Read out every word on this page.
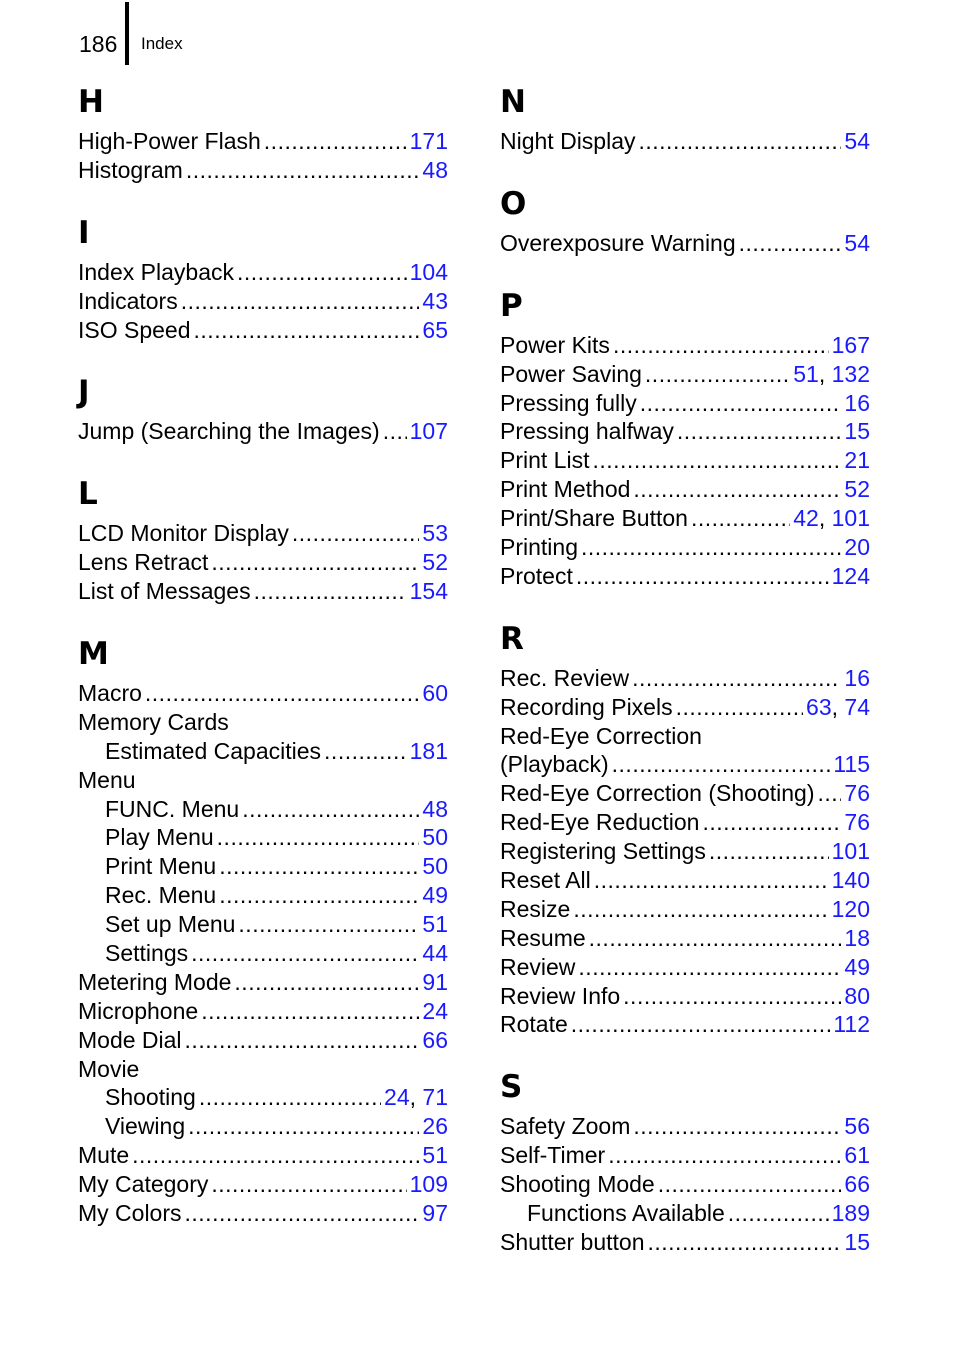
186 Index
H
High-Power Flash .....	171
Histogram .....	48
I
Index Playback .....	104
Indicators .....	43
ISO Speed .....	65
J
Jump (Searching the Images) ..... 107
L
LCD Monitor Display .....	53
Lens Retract .....	52
List of Messages .....	154
M
Macro .....	60
Memory Cards
Estimated Capacities .....	181
Menu
FUNC. Menu .....	48
Play Menu .....	50
Print Menu .....	50
Rec. Menu .....	49
Set up Menu .....	51
Settings .....	44
Metering Mode .....	91
Microphone .....	24
Mode Dial .....	66
Movie
Shooting .....	24, 71
Viewing .....	26
Mute .....	51
My Category .....	109
My Colors .....	97
N
Night Display .....	54
O
Overexposure Warning .....	54
P
Power Kits .....	167
Power Saving .....	51, 132
Pressing fully .....	16
Pressing halfway .....	15
Print List .....	21
Print Method .....	52
Print/Share Button .....	42, 101
Printing .....	20
Protect .....	124
R
Rec. Review .....	16
Recording Pixels .....	63, 74
Red-Eye Correction
(Playback) .....	115
Red-Eye Correction (Shooting) ..... 76
Red-Eye Reduction .....	76
Registering Settings .....	101
Reset All .....	140
Resize .....	120
Resume .....	18
Review .....	49
Review Info .....	80
Rotate .....	112
S
Safety Zoom .....	56
Self-Timer .....	61
Shooting Mode .....	66
Functions Available .....	189
Shutter button .....	15
